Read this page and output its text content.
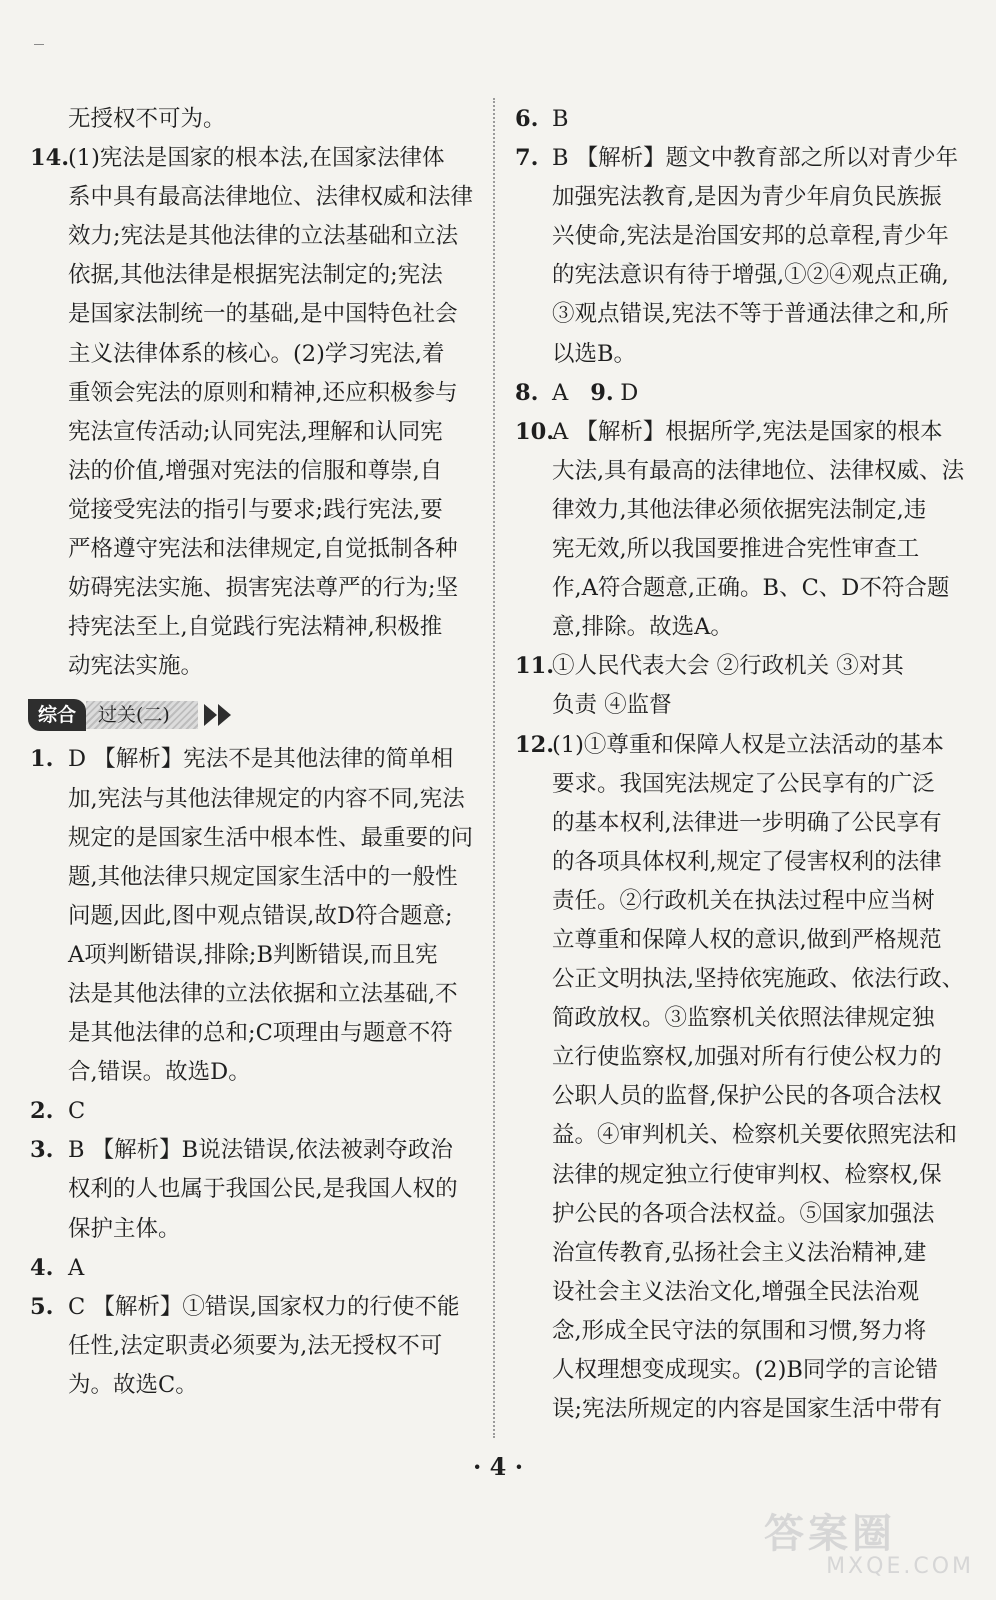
无授权不可为。
14.(1)宪法是国家的根本法,在国家法律体
系中具有最高法律地位、法律权威和法律
效力;宪法是其他法律的立法基础和立法
依据,其他法律是根据宪法制定的;宪法
是国家法制统一的基础,是中国特色社会
主义法律体系的核心。(2)学习宪法,着
重领会宪法的原则和精神,还应积极参与
宪法宣传活动;认同宪法,理解和认同宪
法的价值,增强对宪法的信服和尊崇,自
觉接受宪法的指引与要求;践行宪法,要
严格遵守宪法和法律规定,自觉抵制各种
妨碍宪法实施、损害宪法尊严的行为;坚
持宪法至上,自觉践行宪法精神,积极推
动宪法实施。
综合	过关(二)
1. D 【解析】宪法不是其他法律的简单相
加,宪法与其他法律规定的内容不同,宪法
规定的是国家生活中根本性、最重要的问
题,其他法律只规定国家生活中的一般性
问题,因此,图中观点错误,故D符合题意;
A项判断错误,排除;B判断错误,而且宪
法是其他法律的立法依据和立法基础,不
是其他法律的总和;C项理由与题意不符
合,错误。故选D。
2. C
3. B 【解析】B说法错误,依法被剥夺政治
权利的人也属于我国公民,是我国人权的
保护主体。
4. A
5. C 【解析】①错误,国家权力的行使不能
任性,法定职责必须要为,法无授权不可
为。故选C。
6. B
7. B 【解析】题文中教育部之所以对青少年
加强宪法教育,是因为青少年肩负民族振
兴使命,宪法是治国安邦的总章程,青少年
的宪法意识有待于增强,①②④观点正确,
③观点错误,宪法不等于普通法律之和,所
以选B。
8. A 9. D
10.A 【解析】根据所学,宪法是国家的根本
大法,具有最高的法律地位、法律权威、法
律效力,其他法律必须依据宪法制定,违
宪无效,所以我国要推进合宪性审查工
作,A符合题意,正确。B、C、D不符合题
意,排除。故选A。
11.①人民代表大会 ②行政机关 ③对其
负责 ④监督
12.(1)①尊重和保障人权是立法活动的基本
要求。我国宪法规定了公民享有的广泛
的基本权利,法律进一步明确了公民享有
的各项具体权利,规定了侵害权利的法律
责任。②行政机关在执法过程中应当树
立尊重和保障人权的意识,做到严格规范
公正文明执法,坚持依宪施政、依法行政、
简政放权。③监察机关依照法律规定独
立行使监察权,加强对所有行使公权力的
公职人员的监督,保护公民的各项合法权
益。④审判机关、检察机关要依照宪法和
法律的规定独立行使审判权、检察权,保
护公民的各项合法权益。⑤国家加强法
治宣传教育,弘扬社会主义法治精神,建
设社会主义法治文化,增强全民法治观
念,形成全民守法的氛围和习惯,努力将
人权理想变成现实。(2)B同学的言论错
误;宪法所规定的内容是国家生活中带有
· 4 ·
答案圈
MXQE.COM
